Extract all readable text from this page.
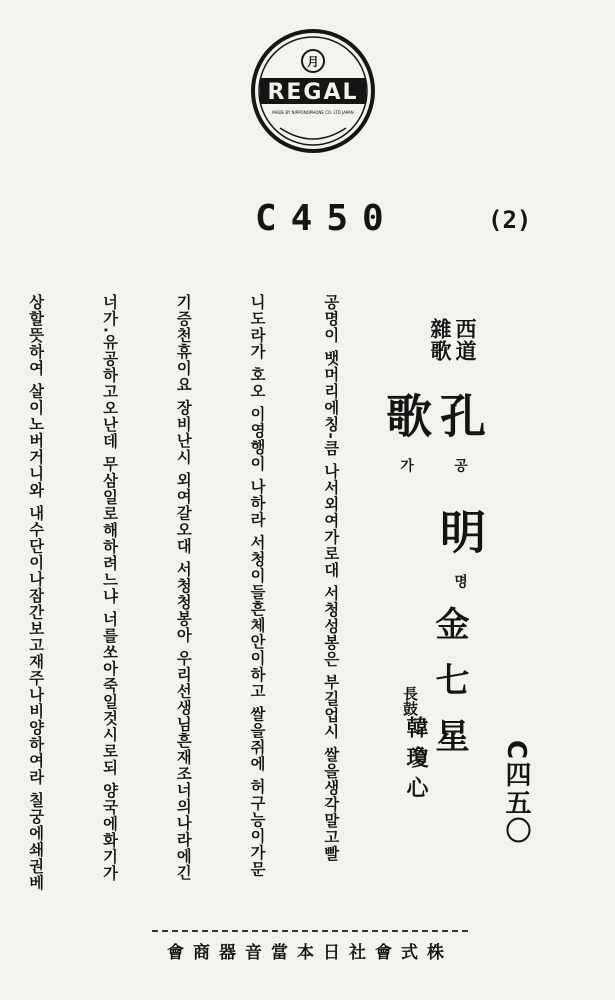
月
REGAL
MADE BY NIPPONOPHONE CO. LTD JAPAN
C450	(2)
西道
雜歌
孔공 明명 歌가
金七星
長鼓
韓瓊心	C四五〇

공명이 뱃머리에칭-큼 나서외여가로대 서청성봉은 부길업시 쌀을생각말고빨

니도라가 호오 이영행이 나하라 서청이들흔체안이하고 쌀을쥐에 허구능이가문

기증천휴이요 장비난시 외여갈오대 서청청봉아 우리선생님흔재조너의나라에긴

너가.유공하고오난데 무삼일로해하려느냐 너를쏘아죽일것시로되 양국에화기가

상할뜻하여 살이노버거니와 내수단이나잠간보고재주나비양하여라 칠궁에쇄권베

會商器音當本日社會式株
